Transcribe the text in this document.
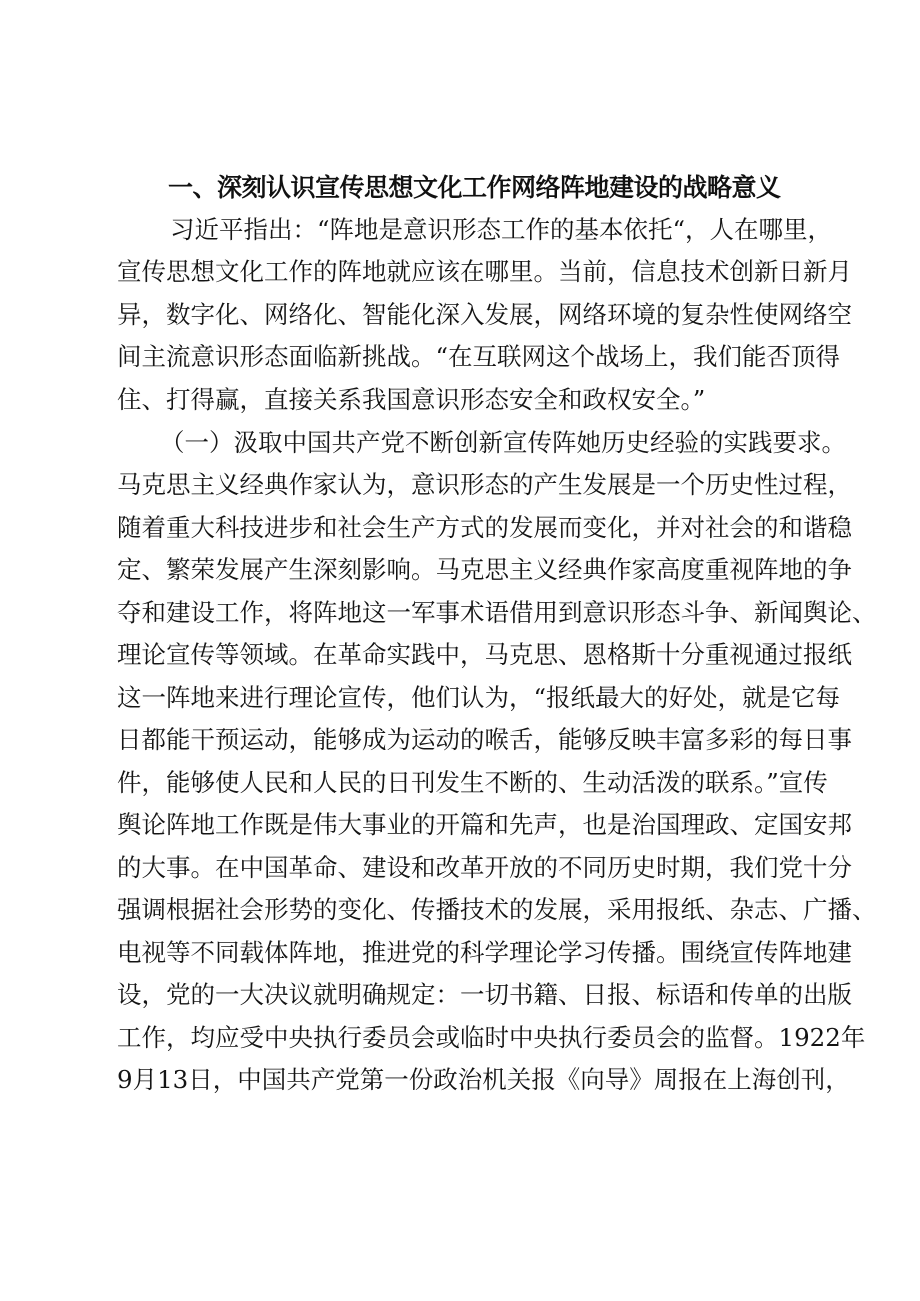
一、深刻认识宣传思想文化工作网络阵地建设的战略意义

习近平指出：“阵地是意识形态工作的基本依托“，人在哪里，

宣传思想文化工作的阵地就应该在哪里。当前，信息技术创新日新月

异，数字化、网络化、智能化深入发展，网络环境的复杂性使网络空

间主流意识形态面临新挑战。“在互联网这个战场上，我们能否顶得

住、打得赢，直接关系我国意识形态安全和政权安全。”

（一）汲取中国共产党不断创新宣传阵她历史经验的实践要求。

马克思主义经典作家认为，意识形态的产生发展是一个历史性过程，

随着重大科技进步和社会生产方式的发展而变化，并对社会的和谐稳

定、繁荣发展产生深刻影响。马克思主义经典作家高度重视阵地的争

夺和建设工作，将阵地这一军事术语借用到意识形态斗争、新闻舆论、

理论宣传等领域。在革命实践中，马克思、恩格斯十分重视通过报纸

这一阵地来进行理论宣传，他们认为，“报纸最大的好处，就是它每

日都能干预运动，能够成为运动的喉舌，能够反映丰富多彩的每日事

件，能够使人民和人民的日刊发生不断的、生动活泼的联系。”宣传

舆论阵地工作既是伟大事业的开篇和先声，也是治国理政、定国安邦

的大事。在中国革命、建设和改革开放的不同历史时期，我们党十分

强调根据社会形势的变化、传播技术的发展，采用报纸、杂志、广播、

电视等不同载体阵地，推进党的科学理论学习传播。围绕宣传阵地建

设，党的一大决议就明确规定：一切书籍、日报、标语和传单的出版

工作，均应受中央执行委员会或临时中央执行委员会的监督。1922年

9月13日，中国共产党第一份政治机关报《向导》周报在上海创刊，
